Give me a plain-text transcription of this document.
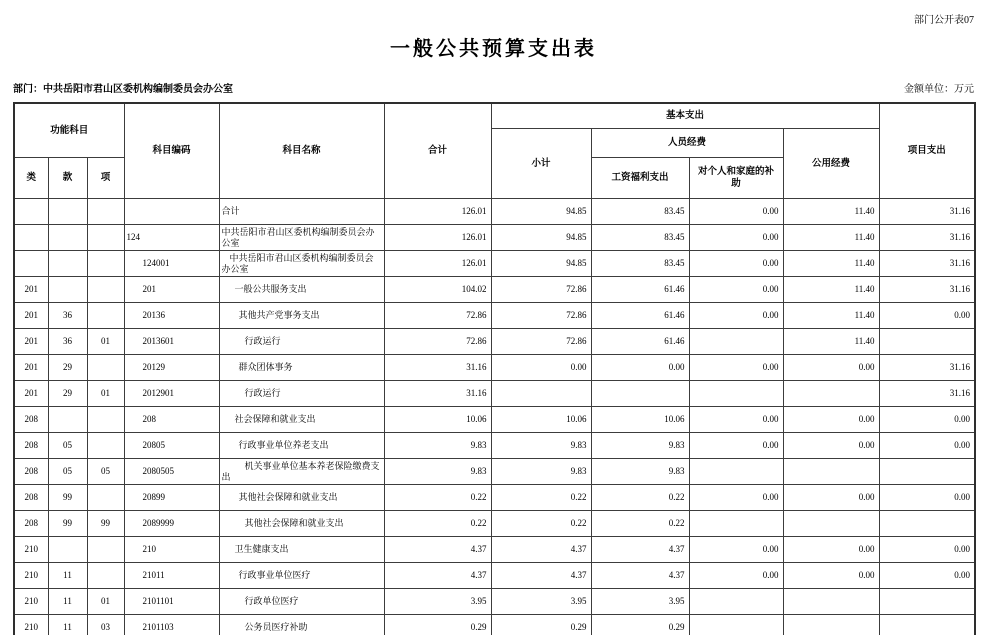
部门公开表07
一般公共预算支出表
部门：中共岳阳市君山区委机构编制委员会办公室	金额单位：万元
功能科目			科目编码	科目名称	合计	基本支出				项目支出
						小计	人员经费		公用经费	
类	款	项					工资福利支出	对个人和家庭的补助		
				合计	126.01	94.85	83.45	0.00	11.40	31.16
			124	中共岳阳市君山区委机构编制委员会办公室	126.01	94.85	83.45	0.00	11.40	31.16
			124001	中共岳阳市君山区委机构编制委员会办公室	126.01	94.85	83.45	0.00	11.40	31.16
201			201	一般公共服务支出	104.02	72.86	61.46	0.00	11.40	31.16
201	36		20136	其他共产党事务支出	72.86	72.86	61.46	0.00	11.40	0.00
201	36	01	2013601	行政运行	72.86	72.86	61.46		11.40	
201	29		20129	群众团体事务	31.16	0.00	0.00	0.00	0.00	31.16
201	29	01	2012901	行政运行	31.16					31.16
208			208	社会保障和就业支出	10.06	10.06	10.06	0.00	0.00	0.00
208	05		20805	行政事业单位养老支出	9.83	9.83	9.83	0.00	0.00	0.00
208	05	05	2080505	机关事业单位基本养老保险缴费支出	9.83	9.83	9.83			
208	99		20899	其他社会保障和就业支出	0.22	0.22	0.22	0.00	0.00	0.00
208	99	99	2089999	其他社会保障和就业支出	0.22	0.22	0.22			
210			210	卫生健康支出	4.37	4.37	4.37	0.00	0.00	0.00
210	11		21011	行政事业单位医疗	4.37	4.37	4.37	0.00	0.00	0.00
210	11	01	2101101	行政单位医疗	3.95	3.95	3.95			
210	11	03	2101103	公务员医疗补助	0.29	0.29	0.29			
